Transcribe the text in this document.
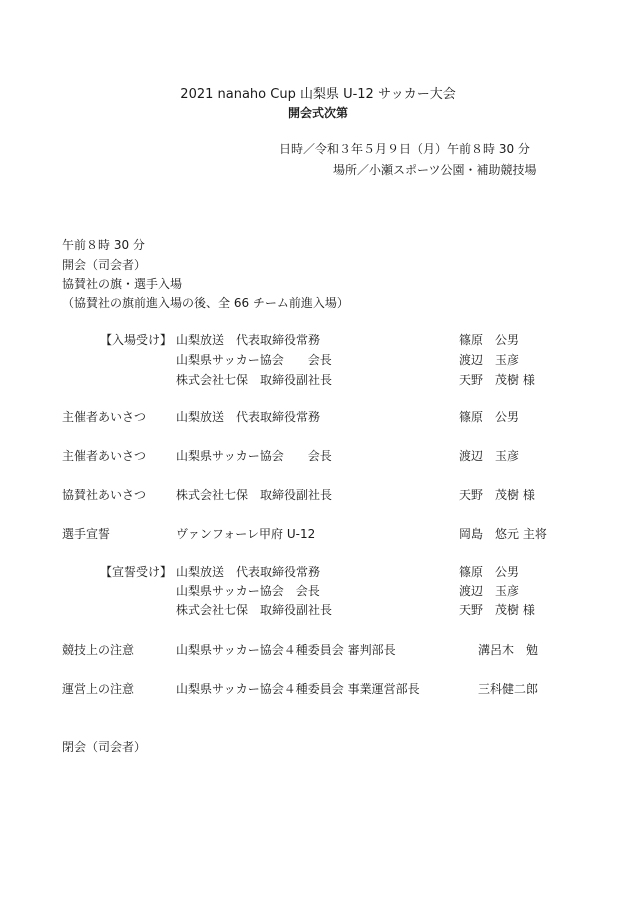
2021 nanaho Cup 山梨県 U-12 サッカー大会
開会式次第
日時／令和３年５月９日（月）午前８時 30 分
場所／小瀬スポーツ公園・補助競技場
午前８時 30 分
開会（司会者）
協賛社の旗・選手入場
（協賛社の旗前進入場の後、全 66 チーム前進入場）
【入場受け】 山梨放送　代表取締役常務	篠原　公男
山梨県サッカー協会　　会長	渡辺　玉彦
株式会社七保　取締役副社長	天野　茂樹 様
主催者あいさつ 山梨放送　代表取締役常務	篠原　公男
主催者あいさつ 山梨県サッカー協会　　会長	渡辺　玉彦
協賛社あいさつ 株式会社七保　取締役副社長	天野　茂樹 様
選手宣誓	ヴァンフォーレ甲府 U-12	岡島　悠元 主将
【宣誓受け】 山梨放送　代表取締役常務	篠原　公男
山梨県サッカー協会　会長	渡辺　玉彦
株式会社七保　取締役副社長	天野　茂樹 様
競技上の注意	山梨県サッカー協会４種委員会 審判部長	溝呂木　勉
運営上の注意	山梨県サッカー協会４種委員会 事業運営部長	三科健二郎
閉会（司会者）
